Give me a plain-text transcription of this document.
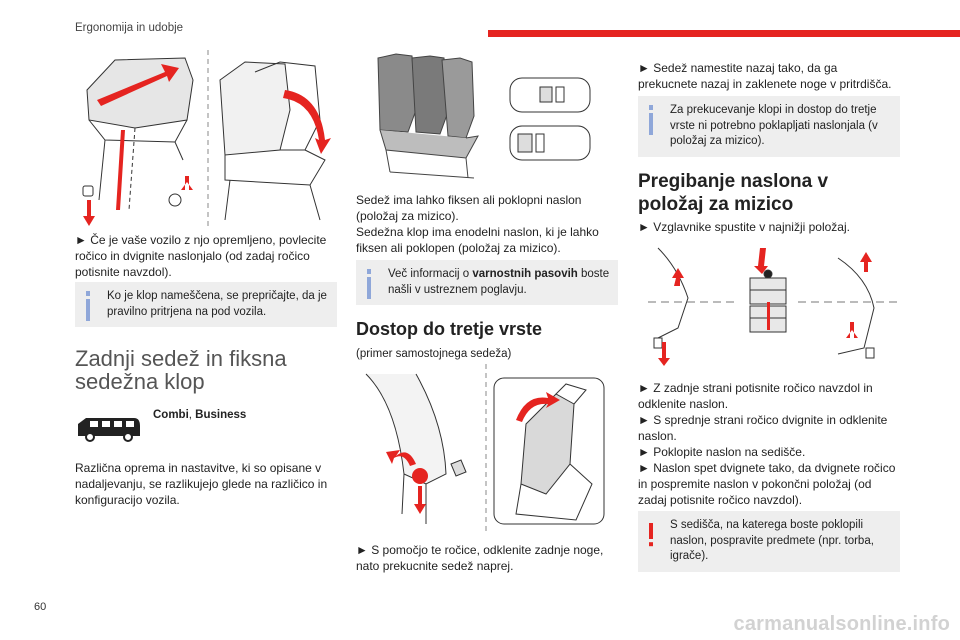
Ergonomija in udobje

► Če je vaše vozilo z njo opremljeno, povlecite ročico in dvignite naslonjalo (od zadaj ročico potisnite navzdol).

Ko je klop nameščena, se prepričajte, da je pravilno pritrjena na pod vozila.
Zadnji sedež in fiksna sedežna klop
Combi, Business

Različna oprema in nastavitve, ki so opisane v nadaljevanju, se razlikujejo glede na različico in konfiguracijo vozila.

Sedež ima lahko fiksen ali poklopni naslon (položaj za mizico).

Sedežna klop ima enodelni naslon, ki je lahko fiksen ali poklopen (položaj za mizico).

Več informacij o varnostnih pasovih boste našli v ustreznem poglavju.
Dostop do tretje vrste
(primer samostojnega sedeža)

► S pomočjo te ročice, odklenite zadnje noge, nato prekucnite sedež naprej.

► Sedež namestite nazaj tako, da ga prekucnete nazaj in zaklenete noge v pritrdišča.

Za prekucevanje klopi in dostop do tretje vrste ni potrebno poklapljati naslonjala (v položaj za mizico).
Pregibanje naslona v položaj za mizico

► Vzglavnike spustite v najnižji položaj.

► Z zadnje strani potisnite ročico navzdol in odklenite naslon.
► S sprednje strani ročico dvignite in odklenite naslon.
► Poklopite naslon na sedišče.
► Naslon spet dvignete tako, da dvignete ročico in pospremite naslon v pokončni položaj (od zadaj potisnite ročico navzdol).
S sedišča, na katerega boste poklopili naslon, pospravite predmete (npr. torba, igrače).
60
carmanualsonline.info
